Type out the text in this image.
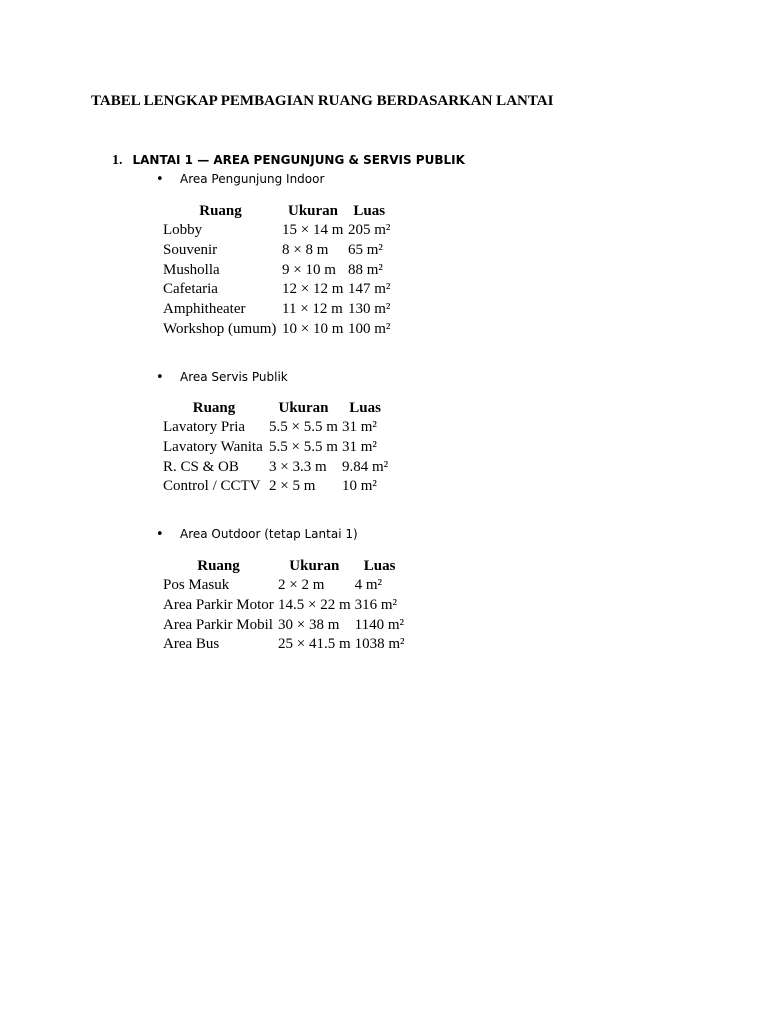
TABEL LENGKAP PEMBAGIAN RUANG BERDASARKAN LANTAI
1. LANTAI 1 — AREA PENGUNJUNG & SERVIS PUBLIK
• Area Pengunjung Indoor
Ruang	Ukuran	Luas
Lobby	15 × 14 m	205 m²
Souvenir	8 × 8 m	65 m²
Musholla	9 × 10 m	88 m²
Cafetaria	12 × 12 m	147 m²
Amphitheater	11 × 12 m	130 m²
Workshop (umum)	10 × 10 m	100 m²
• Area Servis Publik
Ruang	Ukuran	Luas
Lavatory Pria	5.5 × 5.5 m	31 m²
Lavatory Wanita	5.5 × 5.5 m	31 m²
R. CS & OB	3 × 3.3 m	9.84 m²
Control / CCTV	2 × 5 m	10 m²
• Area Outdoor (tetap Lantai 1)
Ruang	Ukuran	Luas
Pos Masuk	2 × 2 m	4 m²
Area Parkir Motor	14.5 × 22 m	316 m²
Area Parkir Mobil	30 × 38 m	1140 m²
Area Bus	25 × 41.5 m	1038 m²
